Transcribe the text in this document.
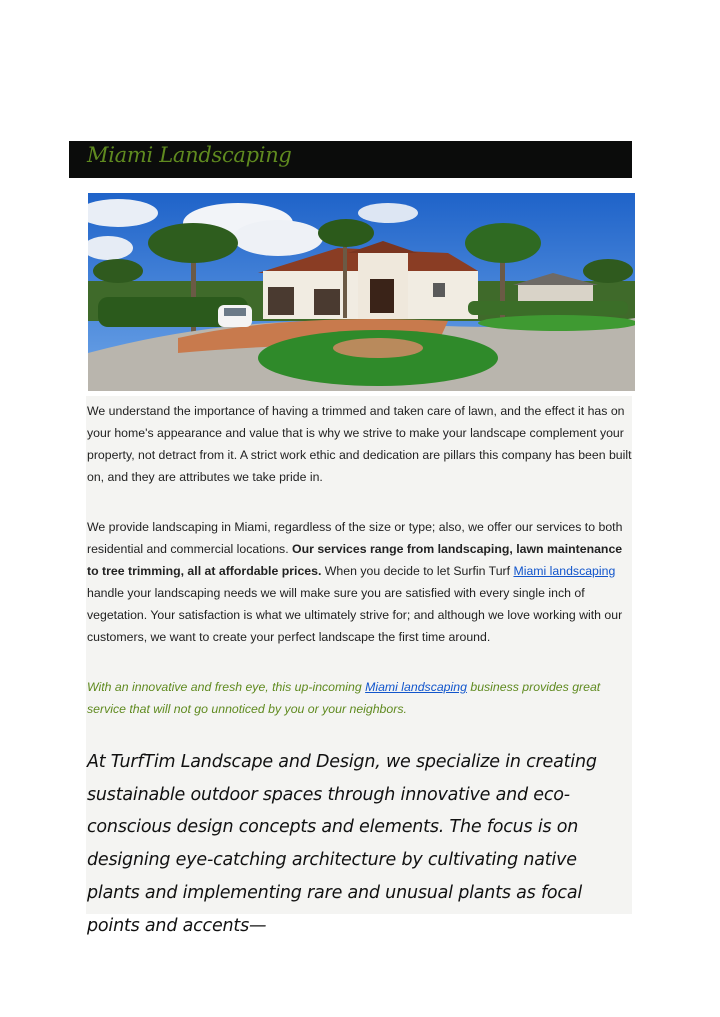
Miami Landscaping

We understand the importance of having a trimmed and taken care of lawn, and the effect it has on your home's appearance and value that is why we strive to make your landscape complement your property, not detract from it. A strict work ethic and dedication are pillars this company has been built on, and they are attributes we take pride in.

We provide landscaping in Miami, regardless of the size or type; also, we offer our services to both residential and commercial locations. Our services range from landscaping, lawn maintenance to tree trimming, all at affordable prices. When you decide to let Surfin Turf Miami landscaping handle your landscaping needs we will make sure you are satisfied with every single inch of vegetation. Your satisfaction is what we ultimately strive for; and although we love working with our customers, we want to create your perfect landscape the first time around.

With an innovative and fresh eye, this up-incoming Miami landscaping business provides great service that will not go unnoticed by you or your neighbors.

At TurfTim Landscape and Design, we specialize in creating sustainable outdoor spaces through innovative and eco-conscious design concepts and elements. The focus is on designing eye-catching architecture by cultivating native plants and implementing rare and unusual plants as focal points and accents—
